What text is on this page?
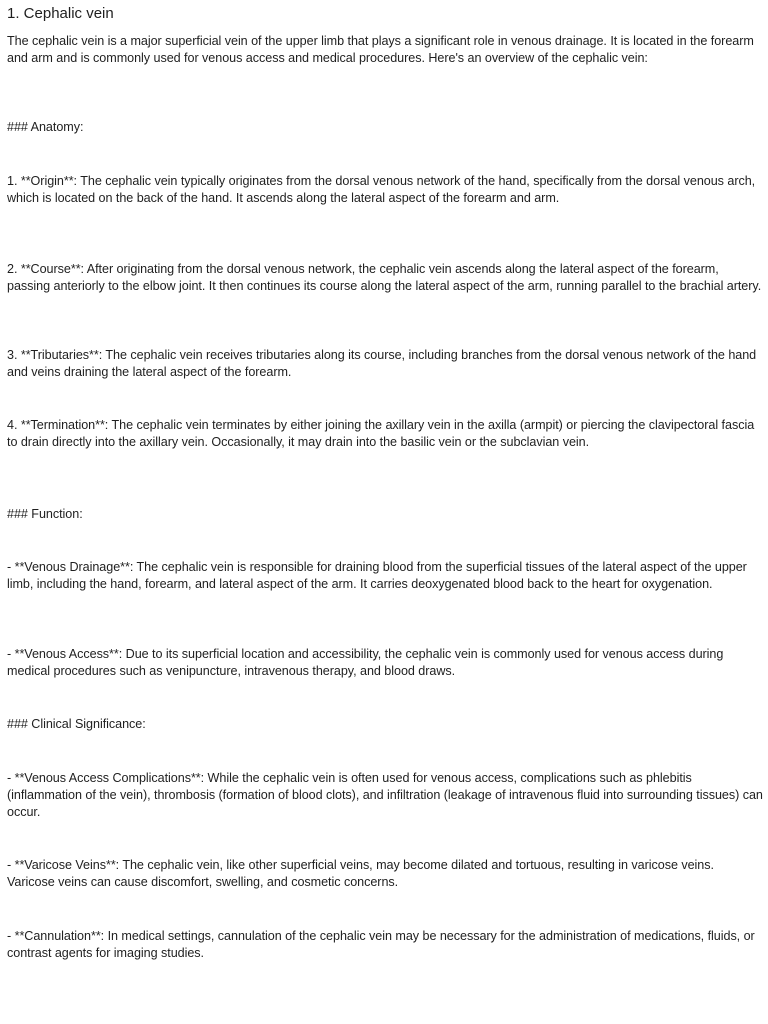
1. Cephalic vein

The cephalic vein is a major superficial vein of the upper limb that plays a significant role in venous drainage. It is located in the forearm and arm and is commonly used for venous access and medical procedures. Here's an overview of the cephalic vein:

### Anatomy:

1. **Origin**: The cephalic vein typically originates from the dorsal venous network of the hand, specifically from the dorsal venous arch, which is located on the back of the hand. It ascends along the lateral aspect of the forearm and arm.

2. **Course**: After originating from the dorsal venous network, the cephalic vein ascends along the lateral aspect of the forearm, passing anteriorly to the elbow joint. It then continues its course along the lateral aspect of the arm, running parallel to the brachial artery.

3. **Tributaries**: The cephalic vein receives tributaries along its course, including branches from the dorsal venous network of the hand and veins draining the lateral aspect of the forearm.

4. **Termination**: The cephalic vein terminates by either joining the axillary vein in the axilla (armpit) or piercing the clavipectoral fascia to drain directly into the axillary vein. Occasionally, it may drain into the basilic vein or the subclavian vein.

### Function:

- **Venous Drainage**: The cephalic vein is responsible for draining blood from the superficial tissues of the lateral aspect of the upper limb, including the hand, forearm, and lateral aspect of the arm. It carries deoxygenated blood back to the heart for oxygenation.

- **Venous Access**: Due to its superficial location and accessibility, the cephalic vein is commonly used for venous access during medical procedures such as venipuncture, intravenous therapy, and blood draws.

### Clinical Significance:

- **Venous Access Complications**: While the cephalic vein is often used for venous access, complications such as phlebitis (inflammation of the vein), thrombosis (formation of blood clots), and infiltration (leakage of intravenous fluid into surrounding tissues) can occur.

- **Varicose Veins**: The cephalic vein, like other superficial veins, may become dilated and tortuous, resulting in varicose veins. Varicose veins can cause discomfort, swelling, and cosmetic concerns.

- **Cannulation**: In medical settings, cannulation of the cephalic vein may be necessary for the administration of medications, fluids, or contrast agents for imaging studies.
